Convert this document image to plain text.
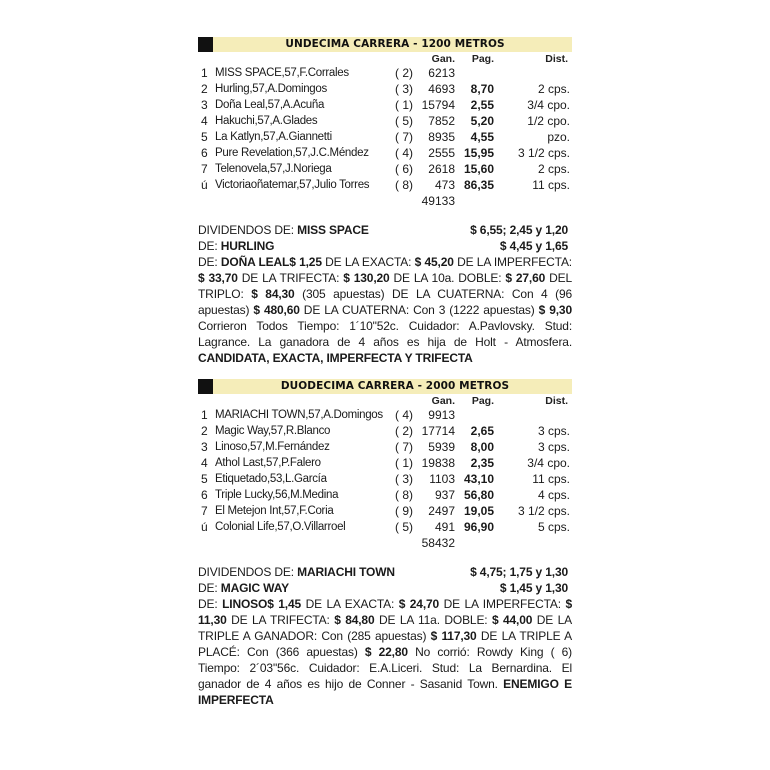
UNDECIMA CARRERA - 1200 METROS
Gan. Pag.	Dist.
1 MISS SPACE,57,F.Corrales	( 2)	6213
2 Hurling,57,A.Domingos	( 3)	4693 8,70	2 cps.
3 Doña Leal,57,A.Acuña	( 1) 15794 2,55	3/4 cpo.
4 Hakuchi,57,A.Glades	( 5)	7852 5,20	1/2 cpo.
5 La Katlyn,57,A.Giannetti	( 7)	8935 4,55	pzo.
6 Pure Revelation,57,J.C.Méndez ( 4)	2555 15,95 3 1/2 cps.
7 Telenovela,57,J.Noriega	( 6)	2618 15,60	2 cps.
ú Victoriaoñatemar,57,Julio Torres ( 8)	473 86,35	11 cps.
49133
DIVIDENDOS DE: MISS SPACE	$ 6,55; 2,45 y 1,20
DE: HURLING	$ 4,45 y 1,65
DE: DOÑA LEAL$ 1,25 DE LA EXACTA: $ 45,20 DE LA IMPERFECTA: $ 33,70 DE LA TRIFECTA: $ 130,20 DE LA 10a. DOBLE: $ 27,60 DEL TRIPLO: $ 84,30 (305 apuestas) DE LA CUATERNA: Con 4 (96 apuestas) $ 480,60 DE LA CUATERNA: Con 3 (1222 apuestas) $ 9,30 Corrieron Todos Tiempo: 1´10"52c. Cuidador: A.Pavlovsky. Stud: Lagrance. La ganadora de 4 años es hija de Holt - Atmosfera. CANDIDATA, EXACTA, IMPERFECTA Y TRIFECTA
DUODECIMA CARRERA - 2000 METROS
Gan. Pag.	Dist.
1 MARIACHI TOWN,57,A.Domingos ( 4)	9913
2 Magic Way,57,R.Blanco	( 2) 17714 2,65	3 cps.
3 Linoso,57,M.Fernández	( 7)	5939 8,00	3 cps.
4 Athol Last,57,P.Falero	( 1) 19838 2,35	3/4 cpo.
5 Etiquetado,53,L.García	( 3)	1103 43,10	11 cps.
6 Triple Lucky,56,M.Medina	( 8)	937 56,80	4 cps.
7 El Metejon Int,57,F.Coria	( 9)	2497 19,05 3 1/2 cps.
ú Colonial Life,57,O.Villarroel	( 5)	491 96,90	5 cps.
58432
DIVIDENDOS DE: MARIACHI TOWN	$ 4,75; 1,75 y 1,30
DE: MAGIC WAY	$ 1,45 y 1,30
DE: LINOSO$ 1,45 DE LA EXACTA: $ 24,70 DE LA IMPERFECTA: $ 11,30 DE LA TRIFECTA: $ 84,80 DE LA 11a. DOBLE: $ 44,00 DE LA TRIPLE A GANADOR: Con (285 apuestas) $ 117,30 DE LA TRIPLE A PLACÉ: Con (366 apuestas) $ 22,80 No corrió: Rowdy King ( 6) Tiempo: 2´03"56c. Cuidador: E.A.Liceri. Stud: La Bernardina. El ganador de 4 años es hijo de Conner - Sasanid Town. ENEMIGO E IMPERFECTA
